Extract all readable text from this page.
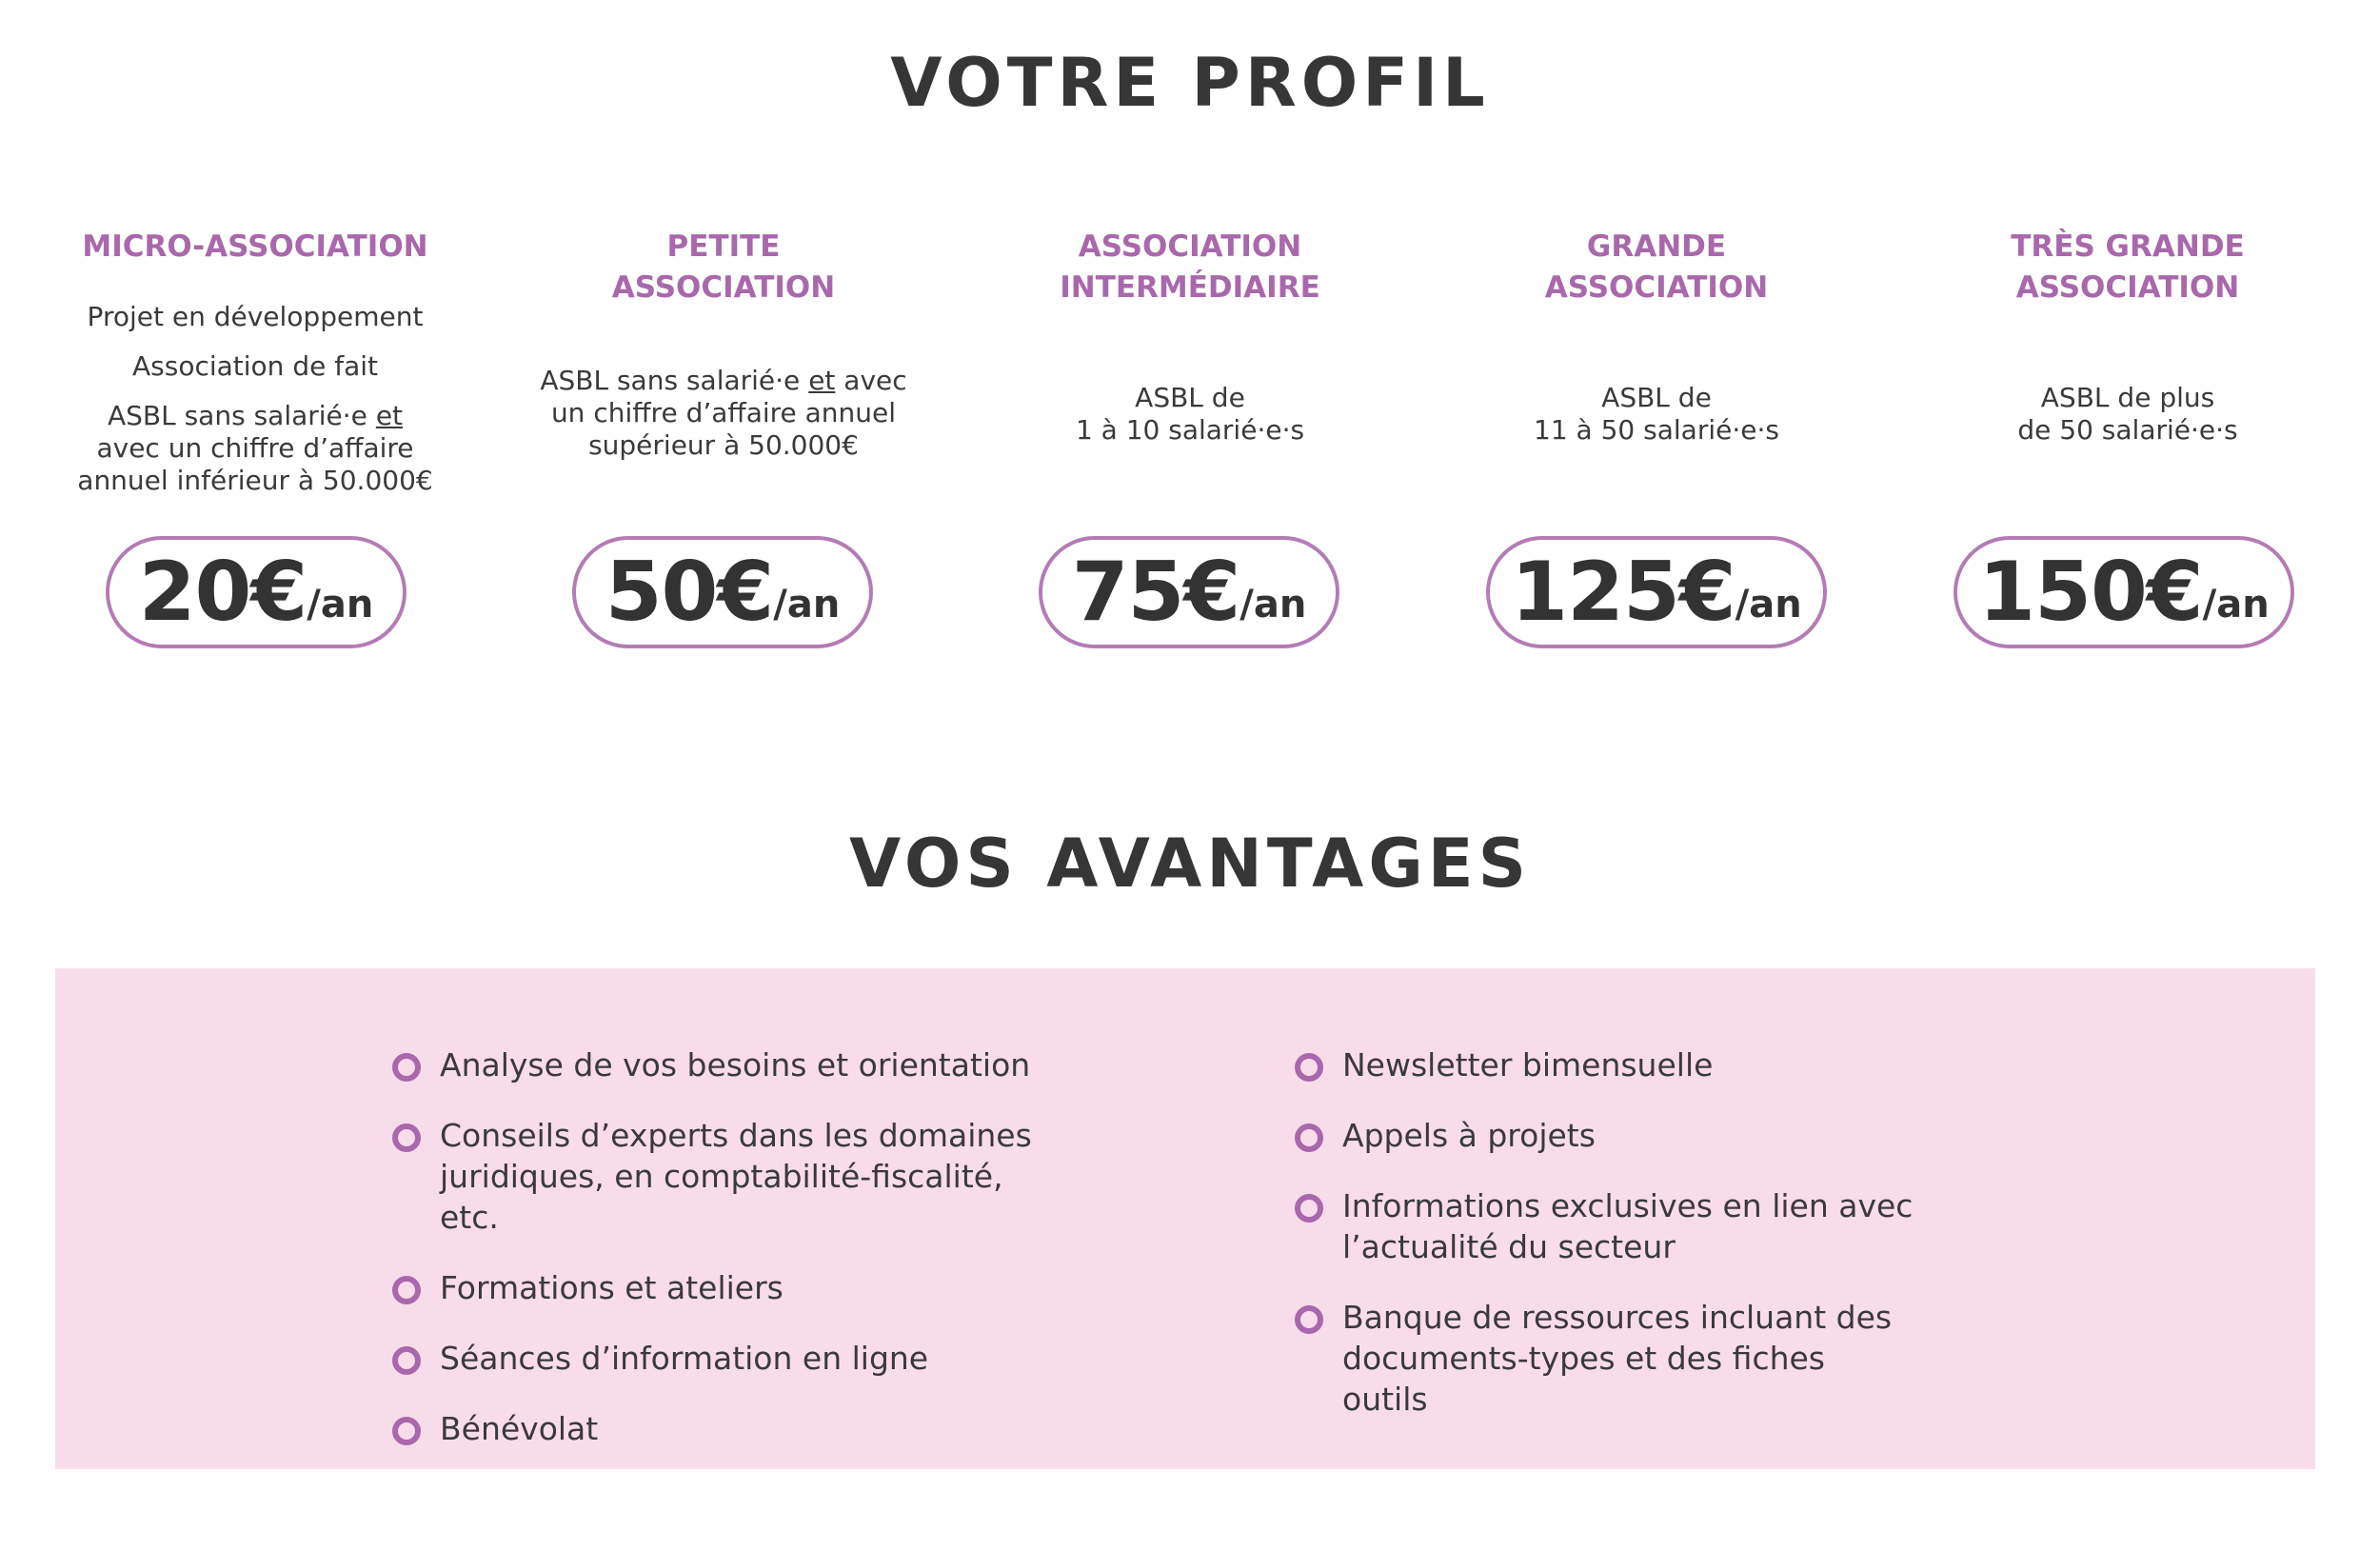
VOTRE PROFIL
MICRO-ASSOCIATION

Projet en développement

Association de fait

ASBL sans salarié·e et avec un chiffre d’affaire annuel inférieur à 50.000€

PETITE
ASSOCIATION

ASBL sans salarié·e et avec un chiffre d’affaire annuel supérieur à 50.000€

ASSOCIATION
INTERMÉDIAIRE
ASBL de
1 à 10 salarié·e·s
GRANDE
ASSOCIATION
ASBL de
11 à 50 salarié·e·s
TRÈS GRANDE
ASSOCIATION
ASBL de plus
de 50 salarié·e·s
20€ /an	50€ /an	75€ /an 125€ /an 150€ /an
VOS AVANTAGES
Analyse de vos besoins et orientation
Conseils d’experts dans les domaines juridiques, en comptabilité-fiscalité, etc.
Formations et ateliers
Séances d’information en ligne
Bénévolat
Newsletter bimensuelle
Appels à projets
Informations exclusives en lien avec l’actualité du secteur
Banque de ressources incluant des documents-types et des fiches outils
